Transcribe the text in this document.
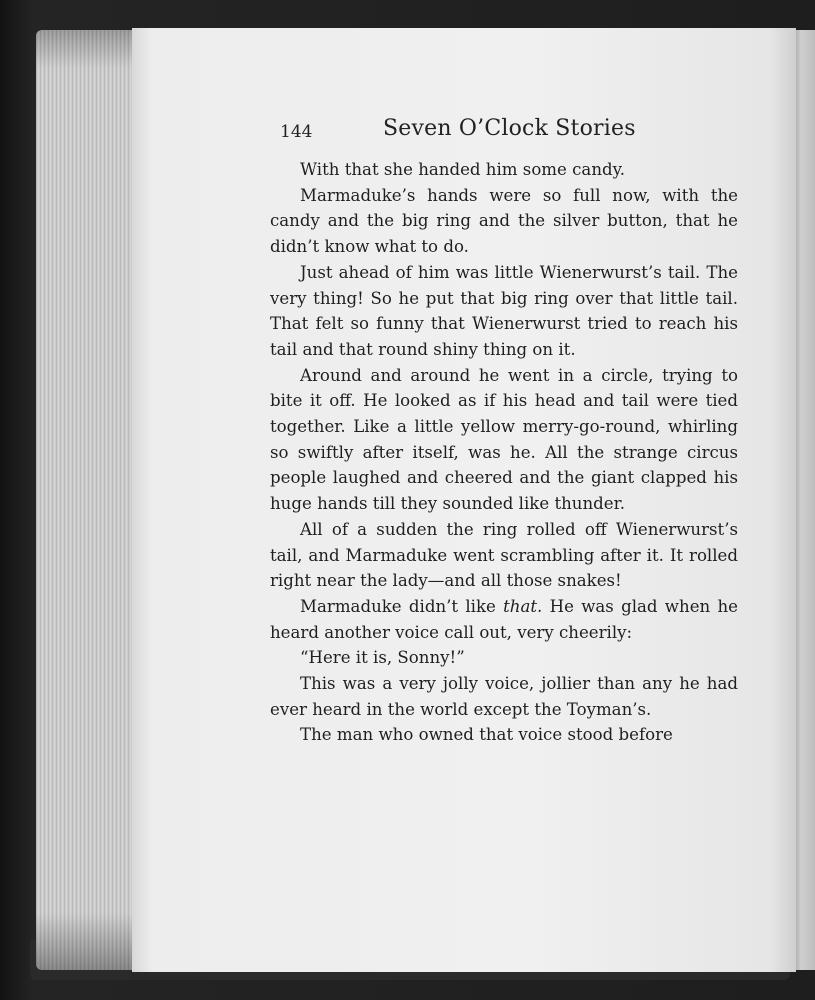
144	Seven O’Clock Stories

With that she handed him some candy.

Marmaduke’s hands were so full now, with the candy and the big ring and the silver button, that he didn’t know what to do.

Just ahead of him was little Wienerwurst’s tail. The very thing! So he put that big ring over that little tail. That felt so funny that Wienerwurst tried to reach his tail and that round shiny thing on it.

Around and around he went in a circle, trying to bite it off. He looked as if his head and tail were tied together. Like a little yellow merry-go-round, whirling so swiftly after itself, was he. All the strange circus people laughed and cheered and the giant clapped his huge hands till they sounded like thunder.

All of a sudden the ring rolled off Wienerwurst’s tail, and Marmaduke went scrambling after it. It rolled right near the lady—and all those snakes!

Marmaduke didn’t like that. He was glad when he heard another voice call out, very cheerily:

“Here it is, Sonny!”

This was a very jolly voice, jollier than any he had ever heard in the world except the Toyman’s.

The man who owned that voice stood before
